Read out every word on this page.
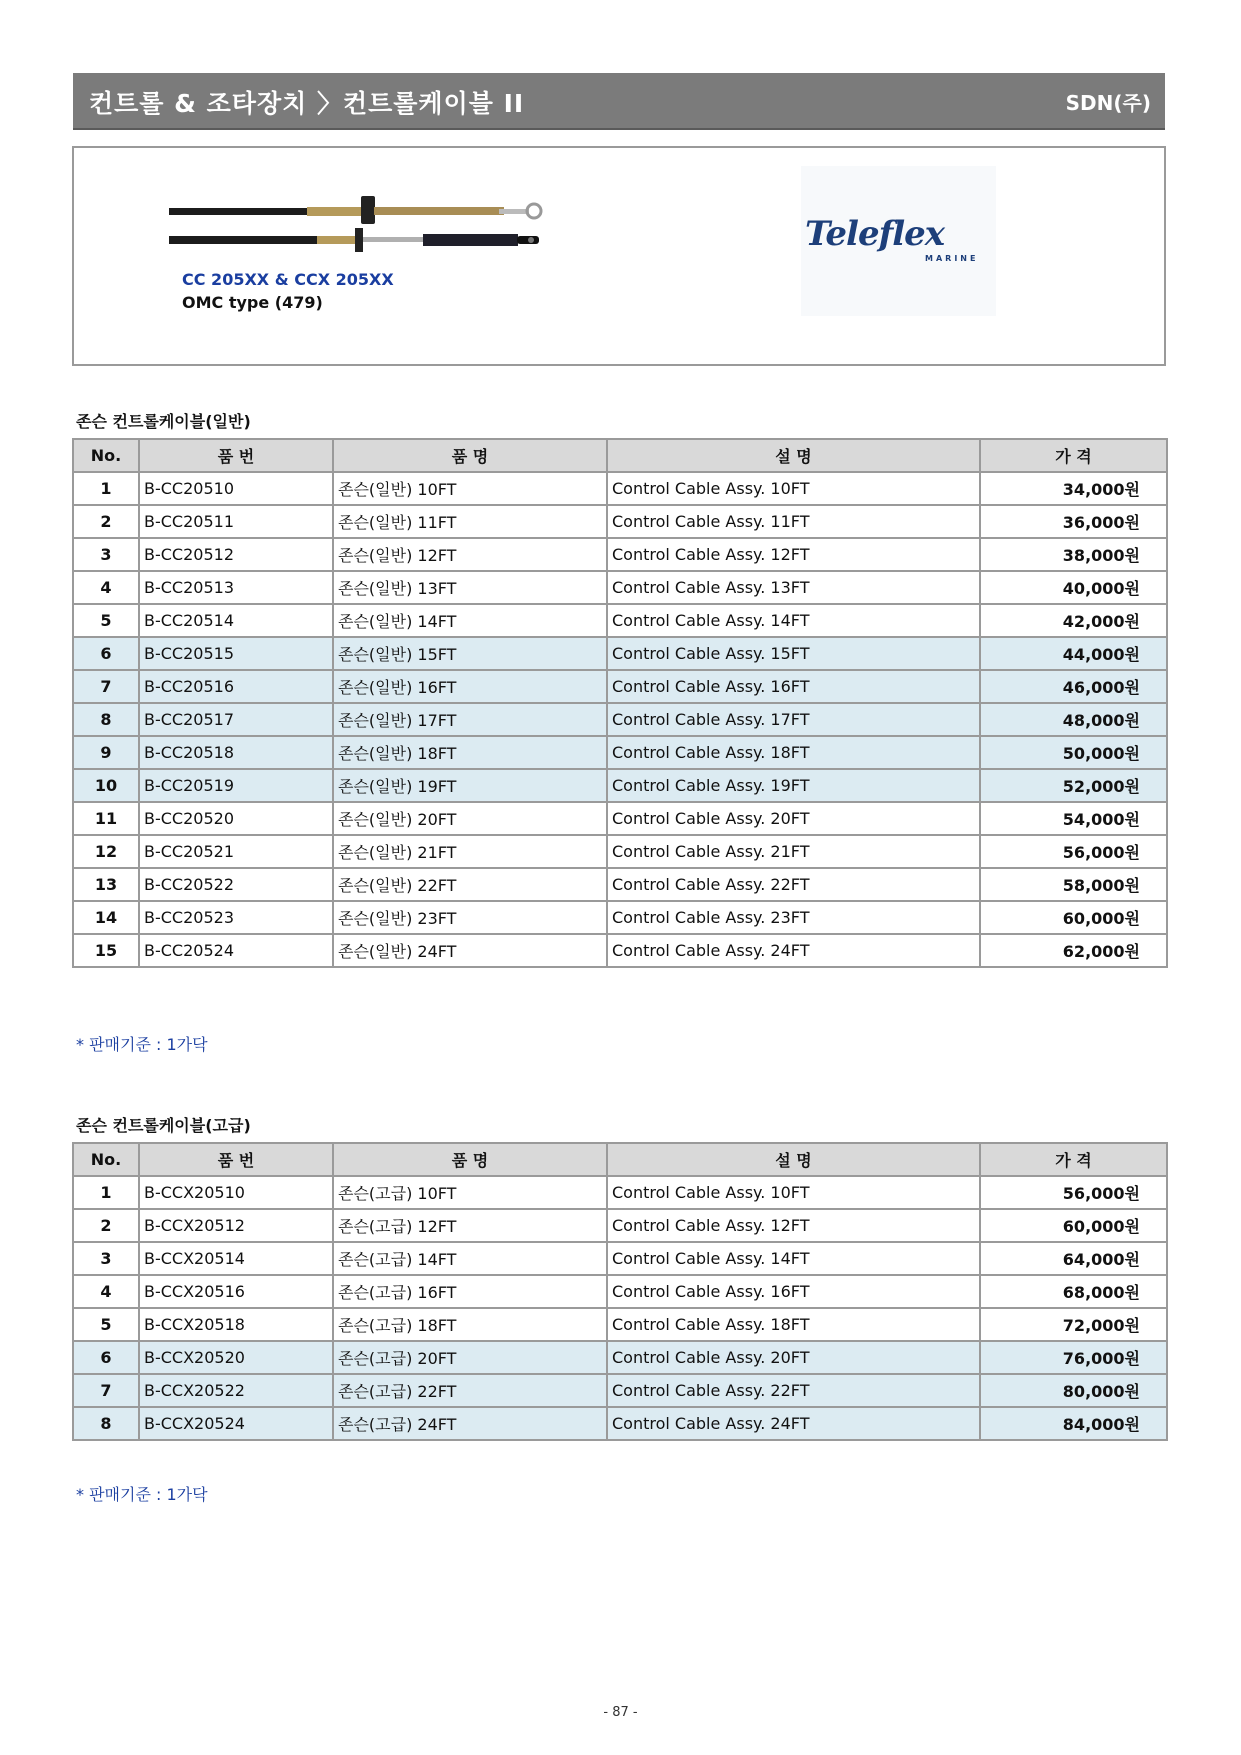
컨트롤 & 조타장치 〉컨트롤케이블 II	SDN(주)
CC 205XX & CCX 205XX
OMC type (479)
Teleflex
MARINE
존슨 컨트롤케이블(일반)
No.	품 번	품 명	설 명	가 격
1	B-CC20510	존슨(일반) 10FT	Control Cable Assy. 10FT	34,000원
2	B-CC20511	존슨(일반) 11FT	Control Cable Assy. 11FT	36,000원
3	B-CC20512	존슨(일반) 12FT	Control Cable Assy. 12FT	38,000원
4	B-CC20513	존슨(일반) 13FT	Control Cable Assy. 13FT	40,000원
5	B-CC20514	존슨(일반) 14FT	Control Cable Assy. 14FT	42,000원
6	B-CC20515	존슨(일반) 15FT	Control Cable Assy. 15FT	44,000원
7	B-CC20516	존슨(일반) 16FT	Control Cable Assy. 16FT	46,000원
8	B-CC20517	존슨(일반) 17FT	Control Cable Assy. 17FT	48,000원
9	B-CC20518	존슨(일반) 18FT	Control Cable Assy. 18FT	50,000원
10	B-CC20519	존슨(일반) 19FT	Control Cable Assy. 19FT	52,000원
11	B-CC20520	존슨(일반) 20FT	Control Cable Assy. 20FT	54,000원
12	B-CC20521	존슨(일반) 21FT	Control Cable Assy. 21FT	56,000원
13	B-CC20522	존슨(일반) 22FT	Control Cable Assy. 22FT	58,000원
14	B-CC20523	존슨(일반) 23FT	Control Cable Assy. 23FT	60,000원
15	B-CC20524	존슨(일반) 24FT	Control Cable Assy. 24FT	62,000원
* 판매기준 : 1가닥
존슨 컨트롤케이블(고급)
No.	품 번	품 명	설 명	가 격
1	B-CCX20510	존슨(고급) 10FT	Control Cable Assy. 10FT	56,000원
2	B-CCX20512	존슨(고급) 12FT	Control Cable Assy. 12FT	60,000원
3	B-CCX20514	존슨(고급) 14FT	Control Cable Assy. 14FT	64,000원
4	B-CCX20516	존슨(고급) 16FT	Control Cable Assy. 16FT	68,000원
5	B-CCX20518	존슨(고급) 18FT	Control Cable Assy. 18FT	72,000원
6	B-CCX20520	존슨(고급) 20FT	Control Cable Assy. 20FT	76,000원
7	B-CCX20522	존슨(고급) 22FT	Control Cable Assy. 22FT	80,000원
8	B-CCX20524	존슨(고급) 24FT	Control Cable Assy. 24FT	84,000원
* 판매기준 : 1가닥
- 87 -
